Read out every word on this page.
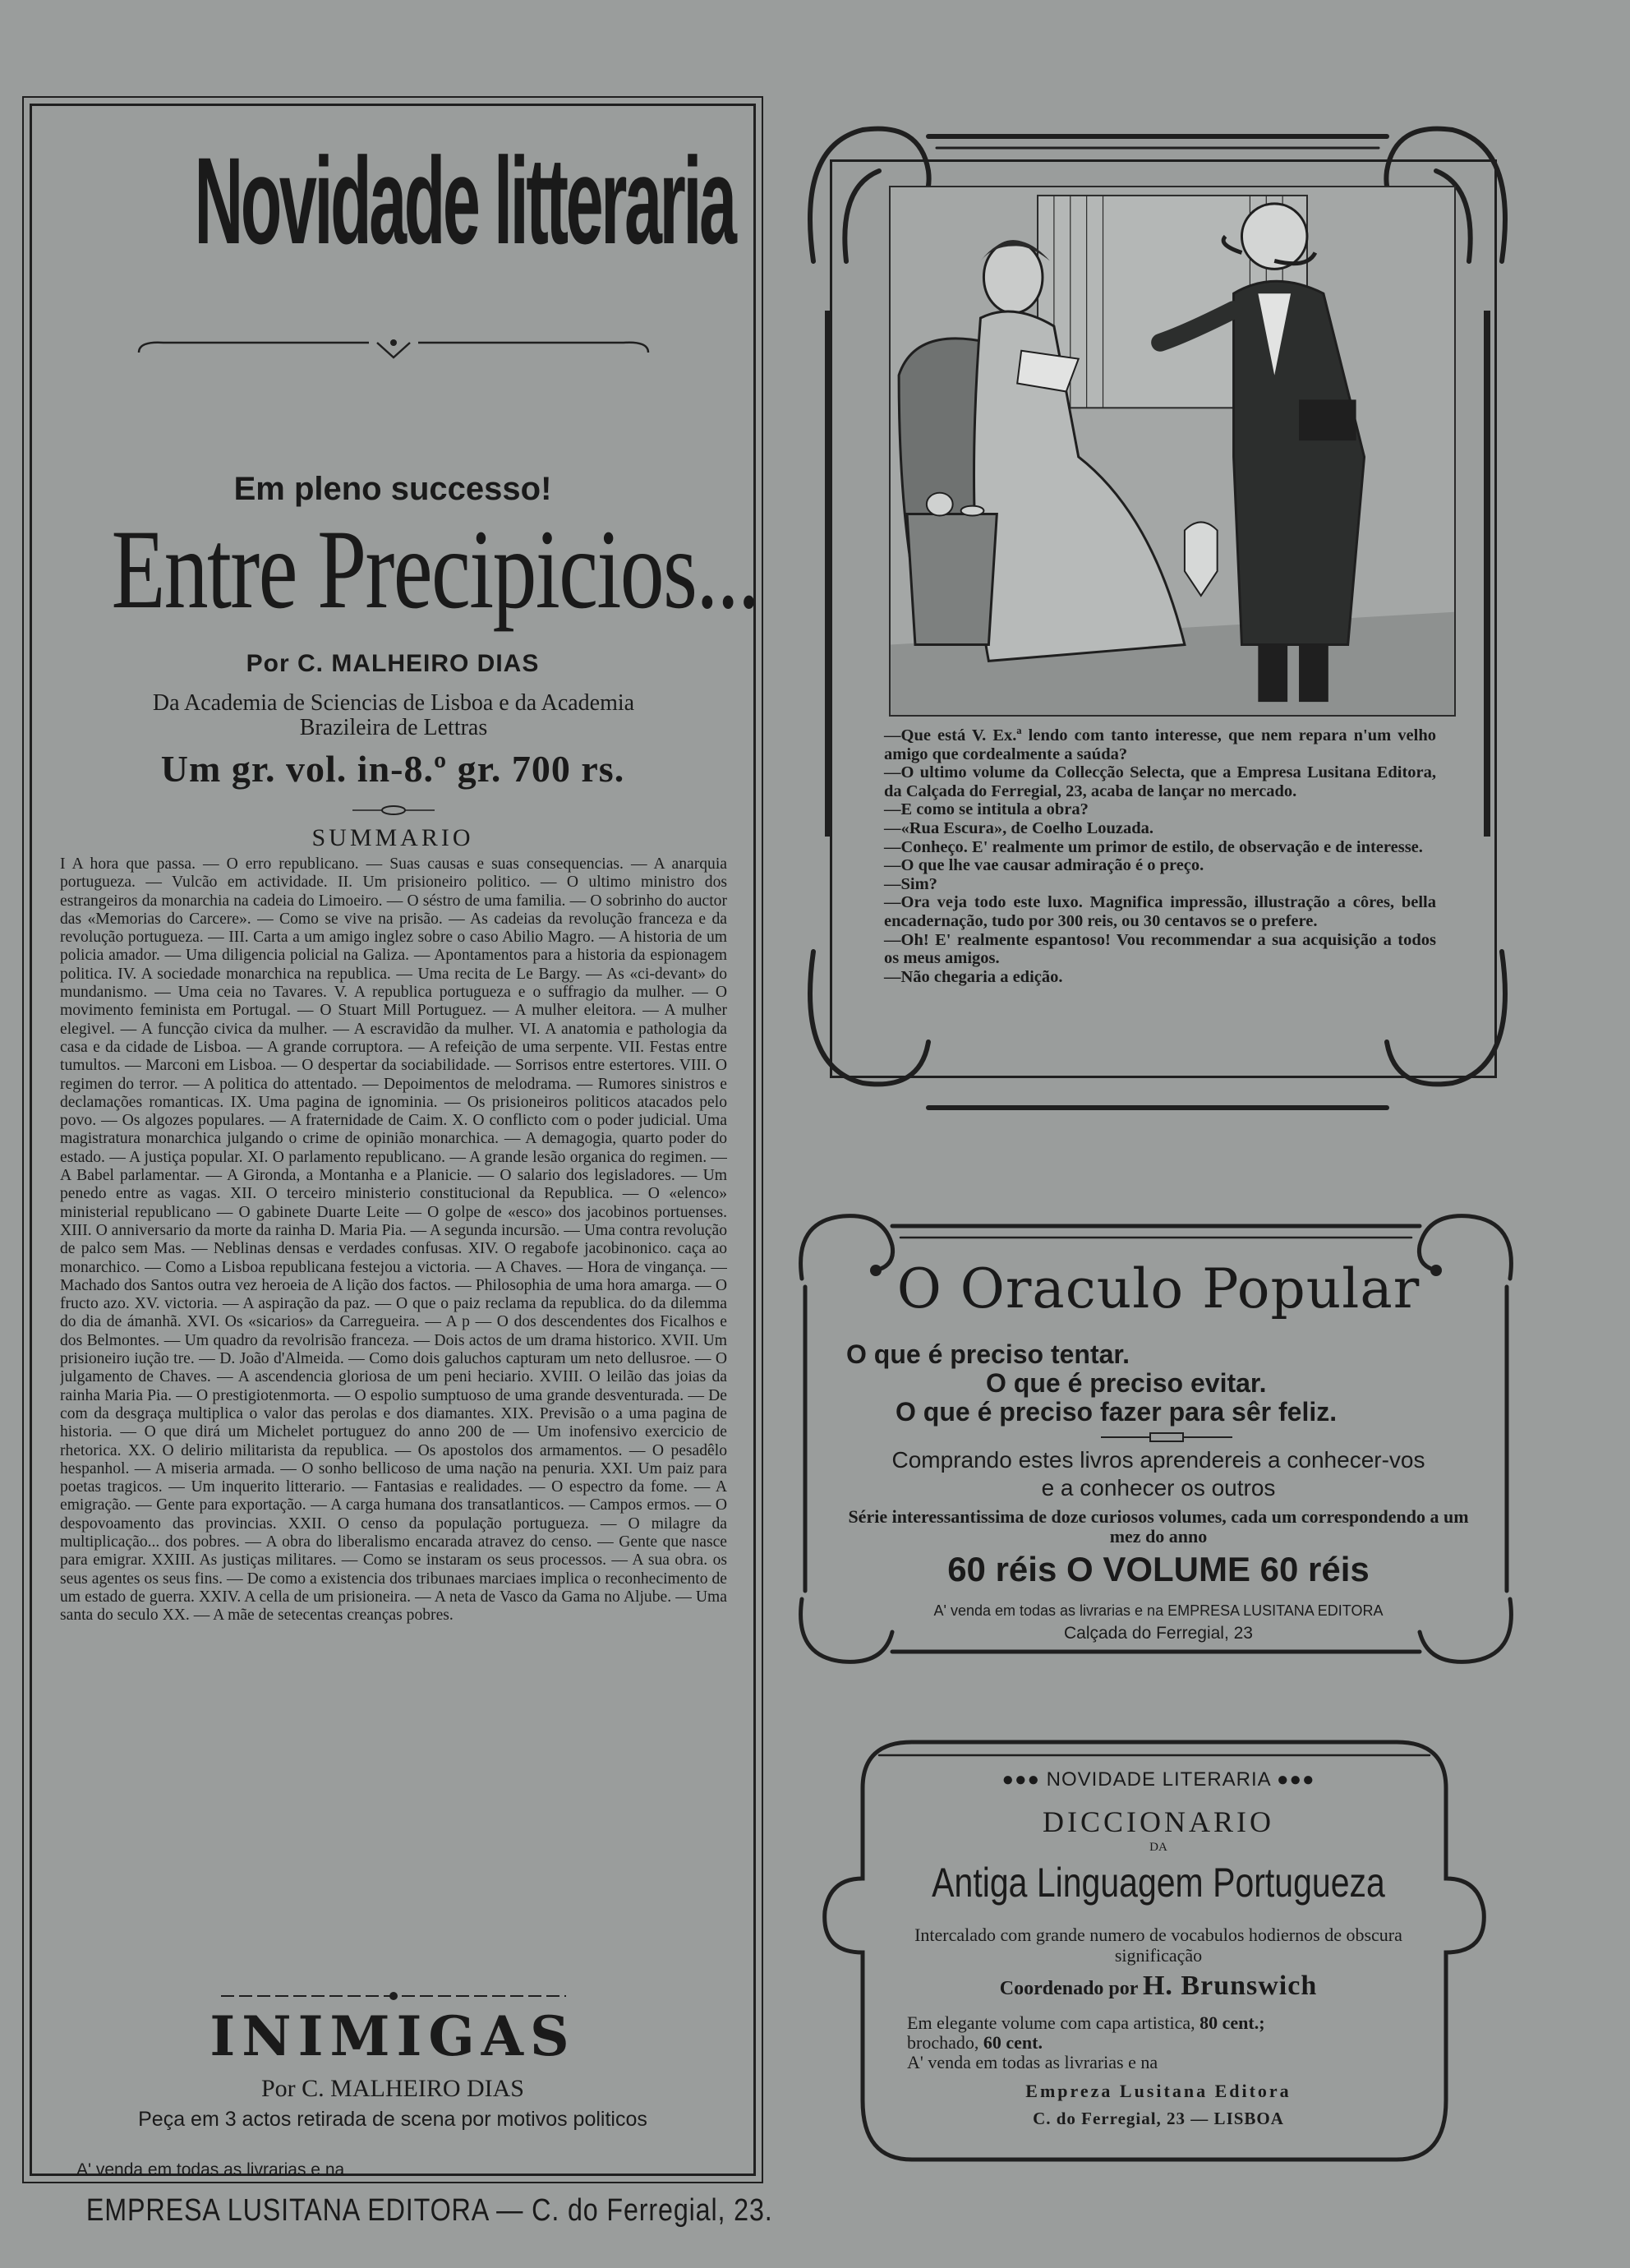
Novidade litteraria
Em pleno successo!
Entre Precipicios...
Por C. MALHEIRO DIAS
Da Academia de Sciencias de Lisboa e da Academia Brazileira de Lettras
Um gr. vol. in-8.º gr. 700 rs.
SUMMARIO
I A hora que passa. — O erro republicano. — Suas causas e suas consequencias. — A anarquia portugueza. — Vulcão em actividade. II. Um prisioneiro politico. — O ultimo ministro dos estrangeiros da monarchia na cadeia do Limoeiro. — O séstro de uma familia. — O sobrinho do auctor das «Memorias do Carcere». — Como se vive na prisão. — As cadeias da revolução franceza e da revolução portugueza. — III. Carta a um amigo inglez sobre o caso Abilio Magro. — A historia de um policia amador. — Uma diligencia policial na Galiza. — Apontamentos para a historia da espionagem politica. IV. A sociedade monarchica na republica. — Uma recita de Le Bargy. — As «ci-devant» do mundanismo. — Uma ceia no Tavares. V. A republica portugueza e o suffragio da mulher. — O movimento feminista em Portugal. — O Stuart Mill Portuguez. — A mulher eleitora. — A mulher elegivel. — A funcção civica da mulher. — A escravidão da mulher. VI. A anatomia e pathologia da casa e da cidade de Lisboa. — A grande corruptora. — A refeição de uma serpente. VII. Festas entre tumultos. — Marconi em Lisboa. — O despertar da sociabilidade. — Sorrisos entre estertores. VIII. O regimen do terror. — A politica do attentado. — Depoimentos de melodrama. — Rumores sinistros e declamações romanticas. IX. Uma pagina de ignominia. — Os prisioneiros politicos atacados pelo povo. — Os algozes populares. — A fraternidade de Caim. X. O conflicto com o poder judicial. Uma magistratura monarchica julgando o crime de opinião monarchica. — A demagogia, quarto poder do estado. — A justiça popular. XI. O parlamento republicano. — A grande lesão organica do regimen. — A Babel parlamentar. — A Gironda, a Montanha e a Planicie. — O salario dos legisladores. — Um penedo entre as vagas. XII. O terceiro ministerio constitucional da Republica. — O «elenco» ministerial republicano — O gabinete Duarte Leite — O golpe de «esco» dos jacobinos portuenses. XIII. O anniversario da morte da rainha D. Maria Pia. — A segunda incursão. — Uma contra revolução de palco sem Mas. — Neblinas densas e verdades confusas. XIV. O regabofe jacobinonico. caça ao monarchico. — Como a Lisboa republicana festejou a victoria. — A Chaves. — Hora de vingança. — Machado dos Santos outra vez heroeia de A lição dos factos. — Philosophia de uma hora amarga. — O fructo azo. XV. victoria. — A aspiração da paz. — O que o paiz reclama da republica. do da dilemma do dia de ámanhã. XVI. Os «sicarios» da Carregueira. — A p — O dos descendentes dos Ficalhos e dos Belmontes. — Um quadro da revolrisão franceza. — Dois actos de um drama historico. XVII. Um prisioneiro iução tre. — D. João d'Almeida. — Como dois galuchos capturam um neto dellusroe. — O julgamento de Chaves. — A ascendencia gloriosa de um peni heciario. XVIII. O leilão das joias da rainha Maria Pia. — O prestigiotenmorta. — O espolio sumptuoso de uma grande desventurada. — De com da desgraça multiplica o valor das perolas e dos diamantes. XIX. Previsão o a uma pagina de historia. — O que dirá um Michelet portuguez do anno 200 de — Um inofensivo exercicio de rhetorica. XX. O delirio militarista da republica. — Os apostolos dos armamentos. — O pesadêlo hespanhol. — A miseria armada. — O sonho bellicoso de uma nação na penuria. XXI. Um paiz para poetas tragicos. — Um inquerito litterario. — Fantasias e realidades. — O espectro da fome. — A emigração. — Gente para exportação. — A carga humana dos transatlanticos. — Campos ermos. — O despovoamento das provincias. XXII. O censo da população portugueza. — O milagre da multiplicação... dos pobres. — A obra do liberalismo encarada atravez do censo. — Gente que nasce para emigrar. XXIII. As justiças militares. — Como se instaram os seus processos. — A sua obra. os seus agentes os seus fins. — De como a existencia dos tribunaes marciaes implica o reconhecimento de um estado de guerra. XXIV. A cella de um prisioneira. — A neta de Vasco da Gama no Aljube. — Uma santa do seculo XX. — A mãe de setecentas creanças pobres.
INIMIGAS
Por C. MALHEIRO DIAS
Peça em 3 actos retirada de scena por motivos politicos
A' venda em todas as livrarias e na
EMPRESA LUSITANA EDITORA — C. do Ferregial, 23.
—Que está V. Ex.ª lendo com tanto interesse, que nem repara n'um velho amigo que cordealmente a saúda?
—O ultimo volume da Collecção Selecta, que a Empresa Lusitana Editora, da Calçada do Ferregial, 23, acaba de lançar no mercado.
—E como se intitula a obra?
—«Rua Escura», de Coelho Louzada.
—Conheço. E' realmente um primor de estilo, de observação e de interesse.
—O que lhe vae causar admiração é o preço.
—Sim?
—Ora veja todo este luxo. Magnifica impressão, illustração a côres, bella encadernação, tudo por 300 reis, ou 30 centavos se o prefere.
—Oh! E' realmente espantoso! Vou recommendar a sua acquisição a todos os meus amigos.
—Não chegaria a edição.
O Oraculo Popular
O que é preciso tentar.
O que é preciso evitar.
O que é preciso fazer para sêr feliz.
Comprando estes livros aprendereis a conhecer-vos
e a conhecer os outros
Série interessantissima de doze curiosos volumes, cada um correspondendo a um mez do anno
60 réis O VOLUME 60 réis
A' venda em todas as livrarias e na EMPRESA LUSITANA EDITORA
Calçada do Ferregial, 23
●●● NOVIDADE LITERARIA ●●●
DICCIONARIO
DA
Antiga Linguagem Portugueza
Intercalado com grande numero de vocabulos hodiernos de obscura significação
Coordenado por H. Brunswich
Em elegante volume com capa artistica, 80 cent.;
brochado, 60 cent.
A' venda em todas as livrarias e na
Empreza Lusitana Editora
C. do Ferregial, 23 — LISBOA
